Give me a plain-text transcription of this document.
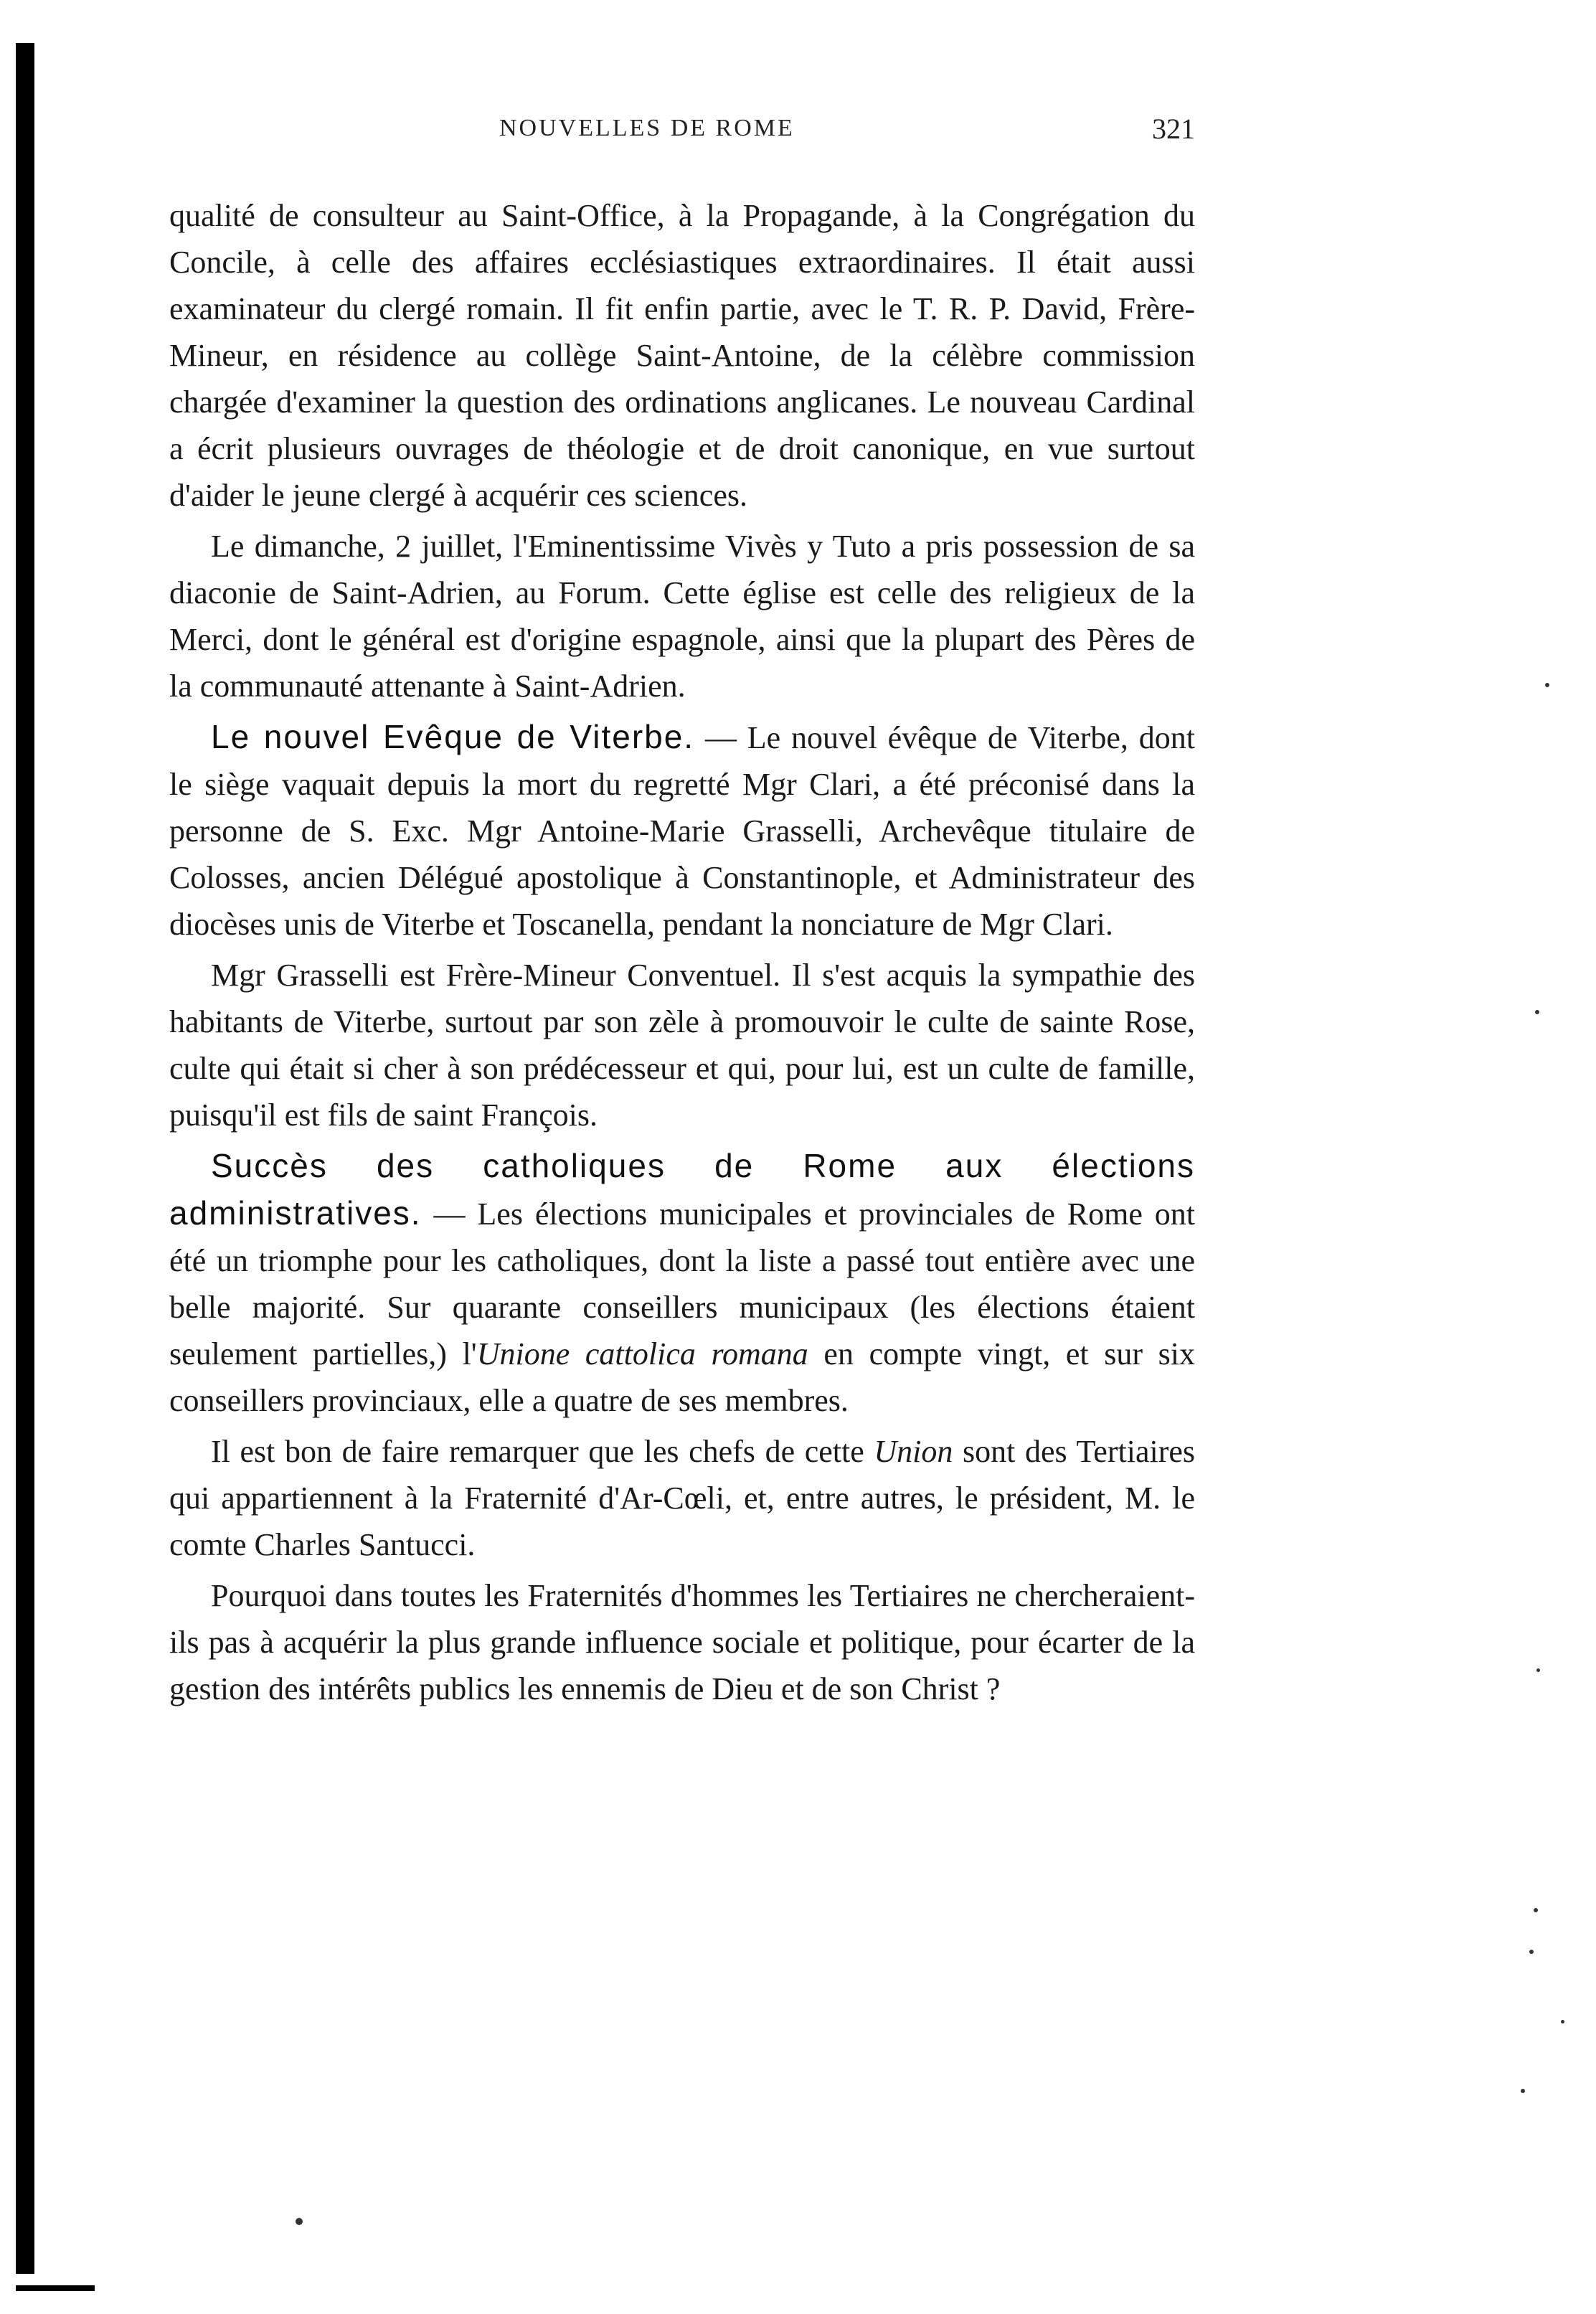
NOUVELLES DE ROME	321

qualité de consulteur au Saint-Office, à la Propagande, à la Congrégation du Concile, à celle des affaires ecclésiastiques extraordinaires. Il était aussi examinateur du clergé romain. Il fit enfin partie, avec le T. R. P. David, Frère-Mineur, en résidence au collège Saint-Antoine, de la célèbre commission chargée d'examiner la question des ordinations anglicanes. Le nouveau Cardinal a écrit plusieurs ouvrages de théologie et de droit canonique, en vue surtout d'aider le jeune clergé à acquérir ces sciences.

Le dimanche, 2 juillet, l'Eminentissime Vivès y Tuto a pris possession de sa diaconie de Saint-Adrien, au Forum. Cette église est celle des religieux de la Merci, dont le général est d'origine espagnole, ainsi que la plupart des Pères de la communauté attenante à Saint-Adrien.

Le nouvel Evêque de Viterbe. — Le nouvel évêque de Viterbe, dont le siège vaquait depuis la mort du regretté Mgr Clari, a été préconisé dans la personne de S. Exc. Mgr Antoine-Marie Grasselli, Archevêque titulaire de Colosses, ancien Délégué apostolique à Constantinople, et Administrateur des diocèses unis de Viterbe et Toscanella, pendant la nonciature de Mgr Clari.

Mgr Grasselli est Frère-Mineur Conventuel. Il s'est acquis la sympathie des habitants de Viterbe, surtout par son zèle à promouvoir le culte de sainte Rose, culte qui était si cher à son prédécesseur et qui, pour lui, est un culte de famille, puisqu'il est fils de saint François.

Succès des catholiques de Rome aux élections administratives. — Les élections municipales et provinciales de Rome ont été un triomphe pour les catholiques, dont la liste a passé tout entière avec une belle majorité. Sur quarante conseillers municipaux (les élections étaient seulement partielles,) l'Unione cattolica romana en compte vingt, et sur six conseillers provinciaux, elle a quatre de ses membres.

Il est bon de faire remarquer que les chefs de cette Union sont des Tertiaires qui appartiennent à la Fraternité d'Ar-Cœli, et, entre autres, le président, M. le comte Charles Santucci.

Pourquoi dans toutes les Fraternités d'hommes les Tertiaires ne chercheraient-ils pas à acquérir la plus grande influence sociale et politique, pour écarter de la gestion des intérêts publics les ennemis de Dieu et de son Christ ?
